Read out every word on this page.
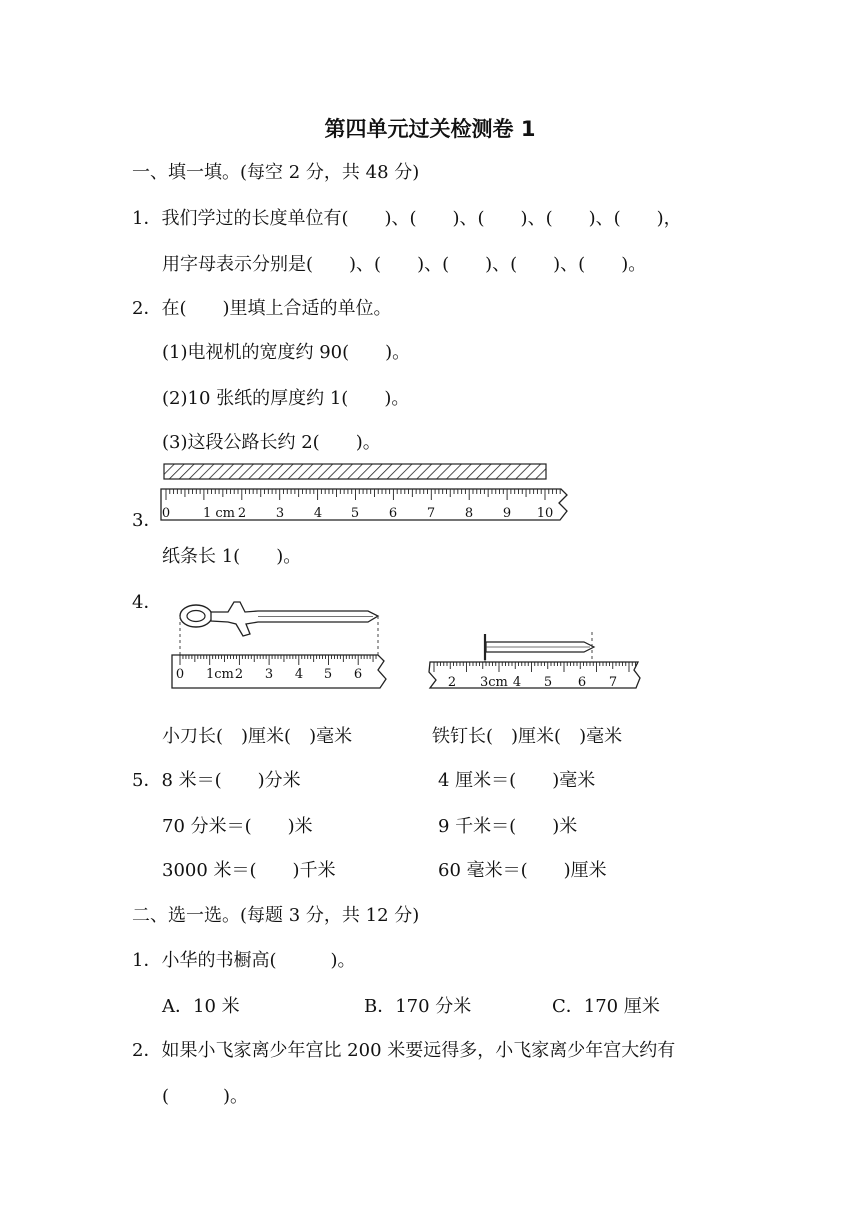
第四单元过关检测卷 1
一、填一填。(每空 2 分，共 48 分)
1．我们学过的长度单位有(　　)、(　　)、(　　)、(　　)、(　　)，
用字母表示分别是(　　)、(　　)、(　　)、(　　)、(　　)。
2．在(　　)里填上合适的单位。
(1)电视机的宽度约 90(　　)。
(2)10 张纸的厚度约 1(　　)。
(3)这段公路长约 2(　　)。
3． 0	1 cm 2 3 4 5 6 7 8 9 10
纸条长 1(　　)。
4．
0 1cm 2 3 4 5 6
2 3cm 4 5 6 7
小刀长(　)厘米(　)毫米	铁钉长(　)厘米(　)毫米
5．8 米＝(　　)分米	4 厘米＝(　　)毫米
70 分米＝(　　)米	9 千米＝(　　)米
3000 米＝(　　)千米	60 毫米＝(　　)厘米
二、选一选。(每题 3 分，共 12 分)
1．小华的书橱高(　　　)。
A．10 米	B．170 分米	C．170 厘米
2．如果小飞家离少年宫比 200 米要远得多，小飞家离少年宫大约有
(　　　)。
